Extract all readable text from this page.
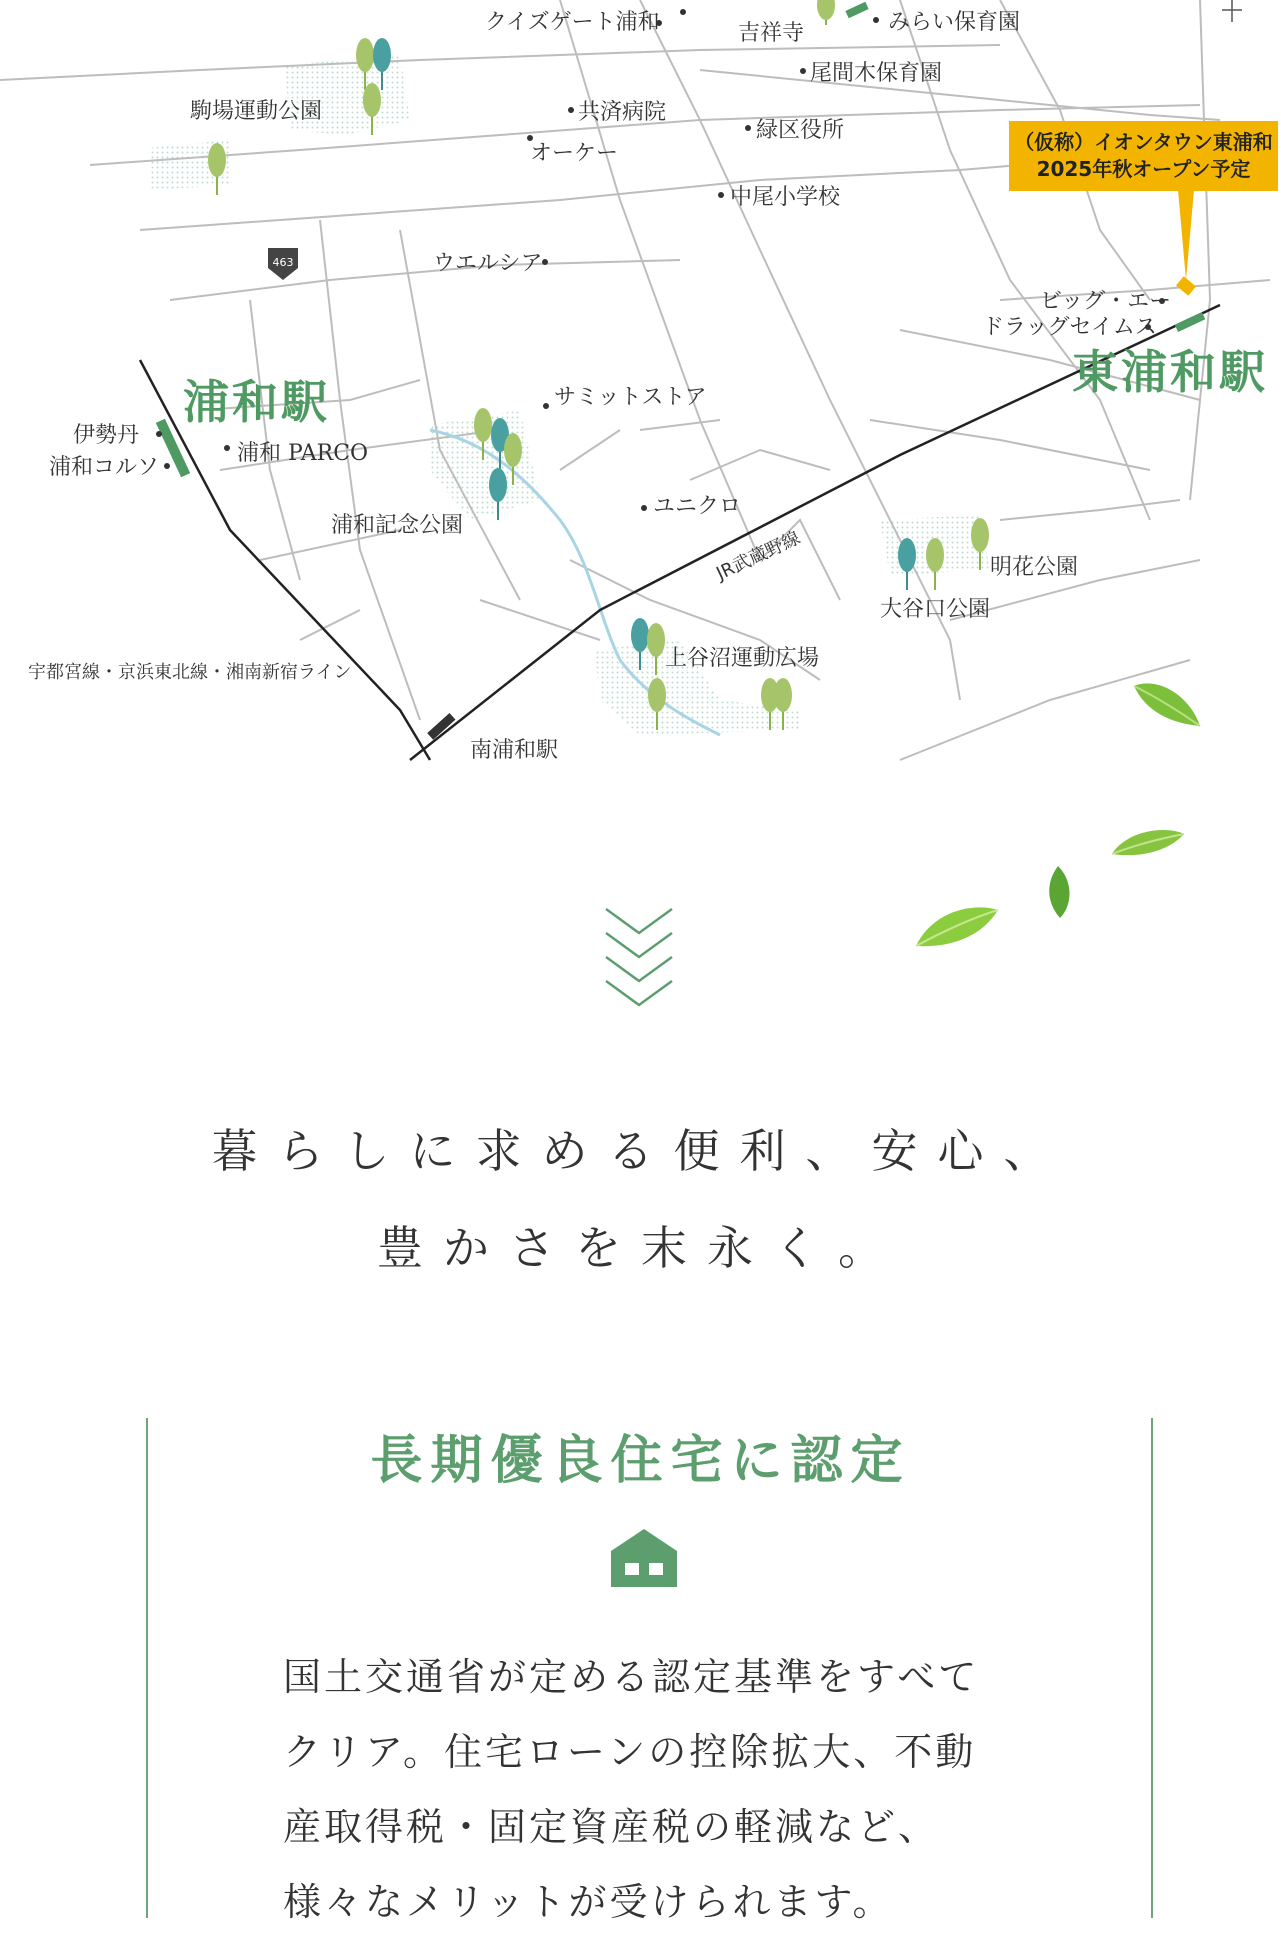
463
クイズゲート浦和	吉祥寺	みらい保育園
尾間木保育園
駒場運動公園	共済病院
オーケー
緑区役所
中尾小学校
ウエルシア
ビッグ・エー
ドラッグセイムス
サミットストア
伊勢丹
浦和 PARCO
浦和コルソ
浦和記念公園
ユニクロ
明花公園
大谷口公園
上谷沼運動広場
南浦和駅
JR武蔵野線
宇都宮線・京浜東北線・湘南新宿ライン
浦和駅
東浦和駅
（仮称）イオンタウン東浦和
2025年秋オープン予定
暮らしに求める便利、安心、
豊かさを末永く。
長期優良住宅に認定
国土交通省が定める認定基準をすべてクリア。住宅ローンの控除拡大、不動産取得税・固定資産税の軽減など、様々なメリットが受けられます。
